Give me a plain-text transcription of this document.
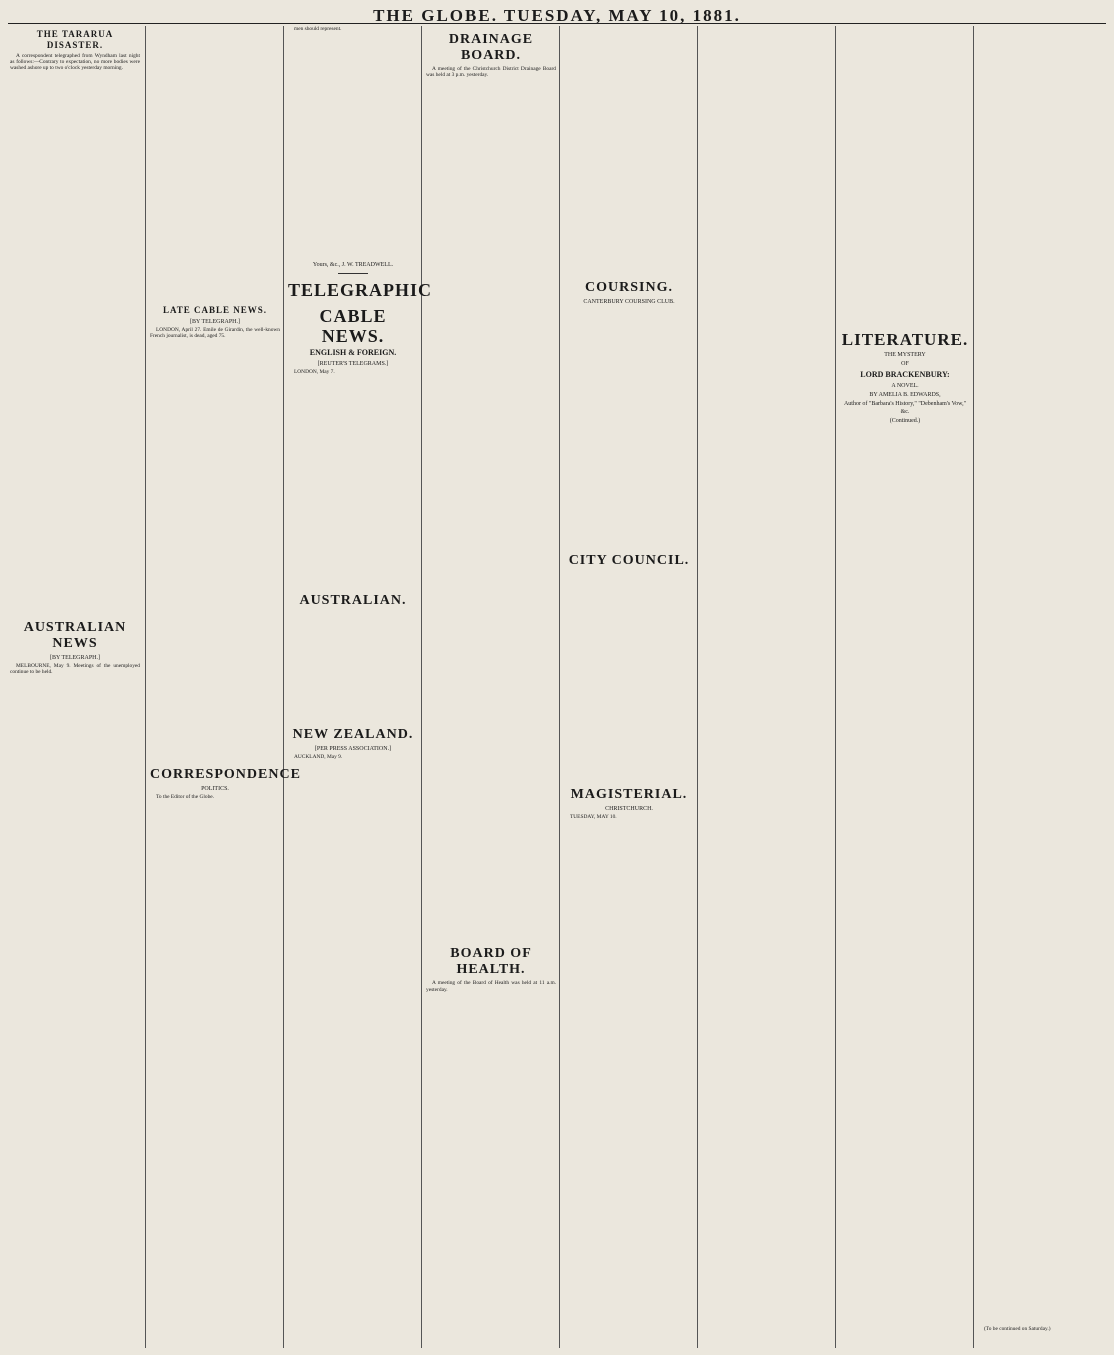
THE GLOBE. TUESDAY, MAY 10, 1881.
THE TARARUA DISASTER.

A correspondent telegraphed from Wyndham last night as follows:—Contrary to expectation, no more bodies were washed ashore up to two o'clock yesterday morning.

AUSTRALIAN NEWS
[BY TELEGRAPH.]

MELBOURNE, May 9. Meetings of the unemployed continue to be held.

LATE CABLE NEWS.
[BY TELEGRAPH.]

LONDON, April 27. Emile de Girardin, the well-known French journalist, is dead, aged 75.

CORRESPONDENCE
POLITICS.

To the Editor of the Globe.

men should represent.

Yours, &c., J. W. TREADWELL.
TELEGRAPHIC
CABLE NEWS.
ENGLISH & FOREIGN.
[REUTER'S TELEGRAMS.]

LONDON, May 7.

AUSTRALIAN.
NEW ZEALAND.
[PER PRESS ASSOCIATION.]

AUCKLAND, May 9.

DRAINAGE BOARD.

A meeting of the Christchurch District Drainage Board was held at 3 p.m. yesterday.

BOARD OF HEALTH.

A meeting of the Board of Health was held at 11 a.m. yesterday.

COURSING.
CANTERBURY COURSING CLUB.
CITY COUNCIL.
MAGISTERIAL.
CHRISTCHURCH.

TUESDAY, MAY 10.

LITERATURE.
THE MYSTERY
OF
LORD BRACKENBURY:
A NOVEL.
BY AMELIA B. EDWARDS,
Author of "Barbara's History," "Debenham's Vow," &c.
(Continued.)

(To be continued on Saturday.)
